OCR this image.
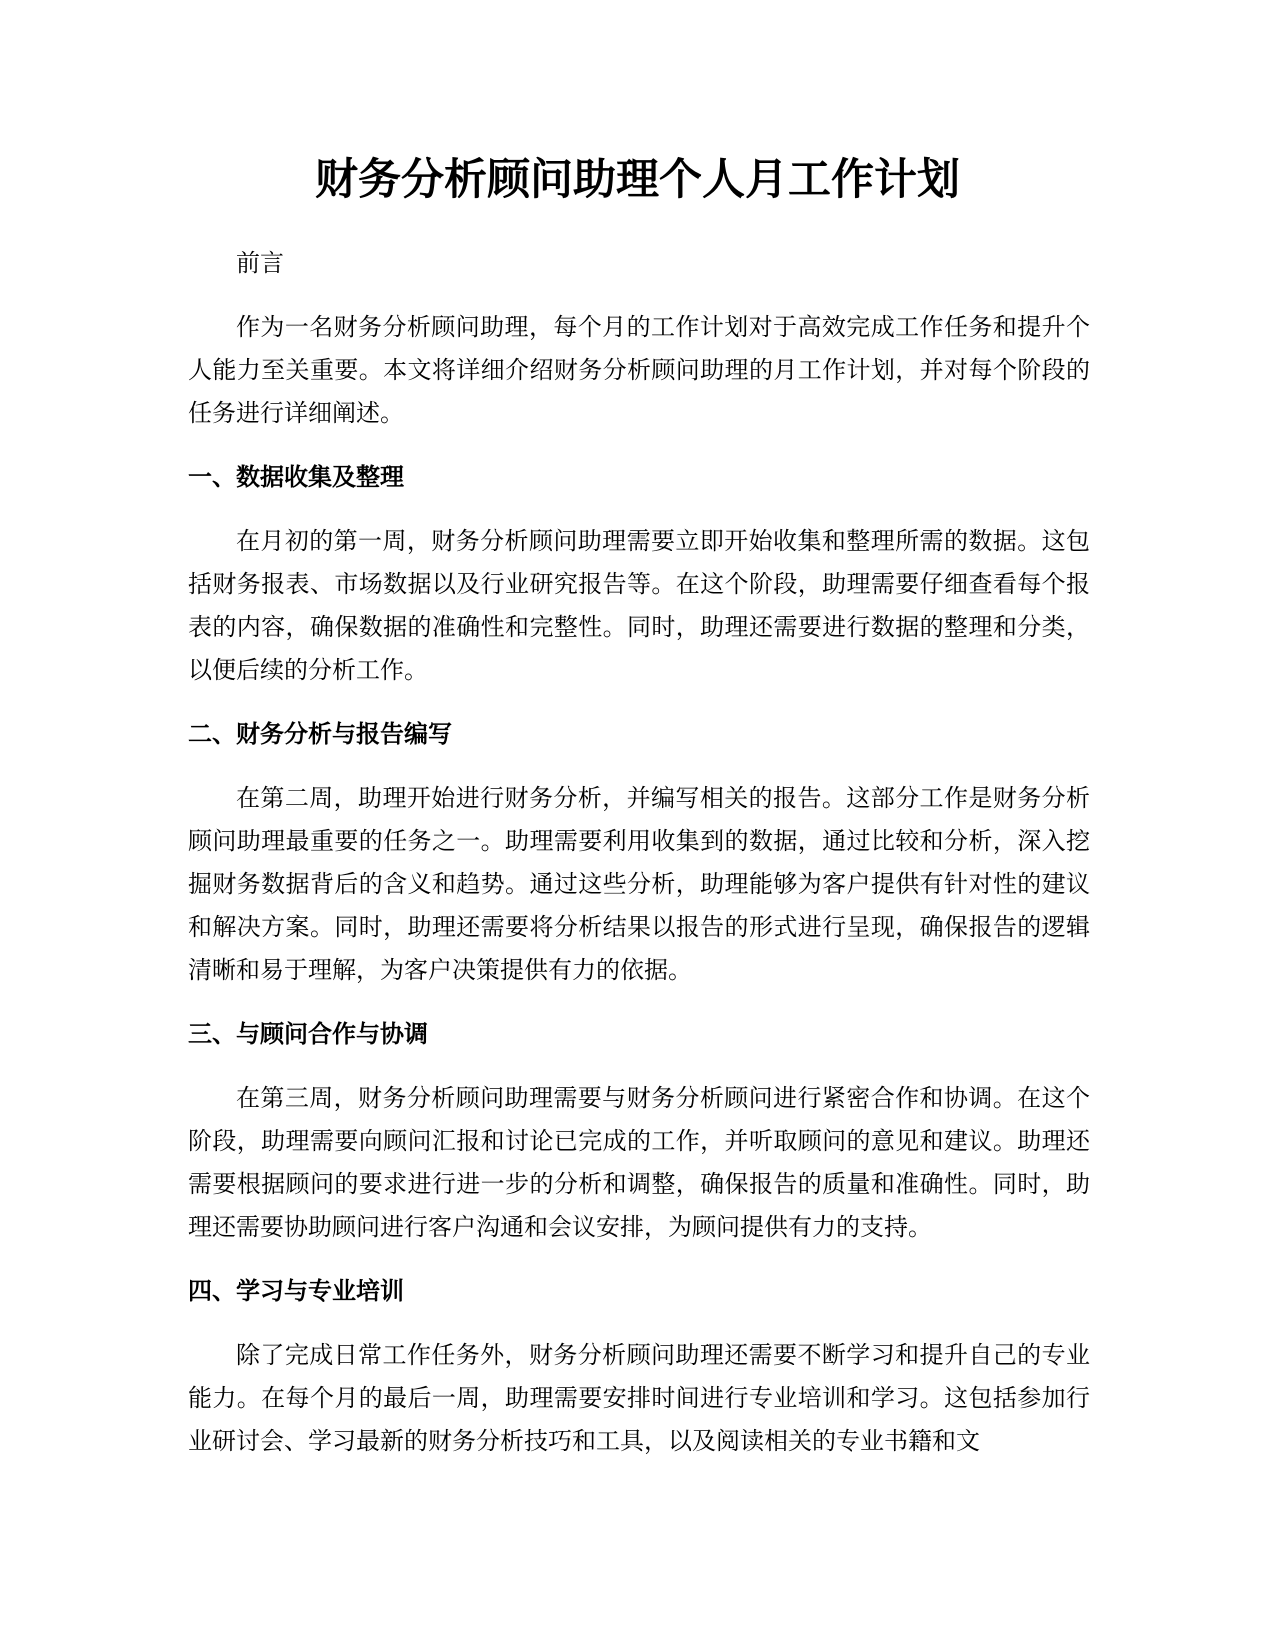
财务分析顾问助理个人月工作计划

前言

作为一名财务分析顾问助理，每个月的工作计划对于高效完成工作任务和提升个人能力至关重要。本文将详细介绍财务分析顾问助理的月工作计划，并对每个阶段的任务进行详细阐述。

一、数据收集及整理

在月初的第一周，财务分析顾问助理需要立即开始收集和整理所需的数据。这包括财务报表、市场数据以及行业研究报告等。在这个阶段，助理需要仔细查看每个报表的内容，确保数据的准确性和完整性。同时，助理还需要进行数据的整理和分类，以便后续的分析工作。

二、财务分析与报告编写

在第二周，助理开始进行财务分析，并编写相关的报告。这部分工作是财务分析顾问助理最重要的任务之一。助理需要利用收集到的数据，通过比较和分析，深入挖掘财务数据背后的含义和趋势。通过这些分析，助理能够为客户提供有针对性的建议和解决方案。同时，助理还需要将分析结果以报告的形式进行呈现，确保报告的逻辑清晰和易于理解，为客户决策提供有力的依据。

三、与顾问合作与协调

在第三周，财务分析顾问助理需要与财务分析顾问进行紧密合作和协调。在这个阶段，助理需要向顾问汇报和讨论已完成的工作，并听取顾问的意见和建议。助理还需要根据顾问的要求进行进一步的分析和调整，确保报告的质量和准确性。同时，助理还需要协助顾问进行客户沟通和会议安排，为顾问提供有力的支持。

四、学习与专业培训

除了完成日常工作任务外，财务分析顾问助理还需要不断学习和提升自己的专业能力。在每个月的最后一周，助理需要安排时间进行专业培训和学习。这包括参加行业研讨会、学习最新的财务分析技巧和工具，以及阅读相关的专业书籍和文
